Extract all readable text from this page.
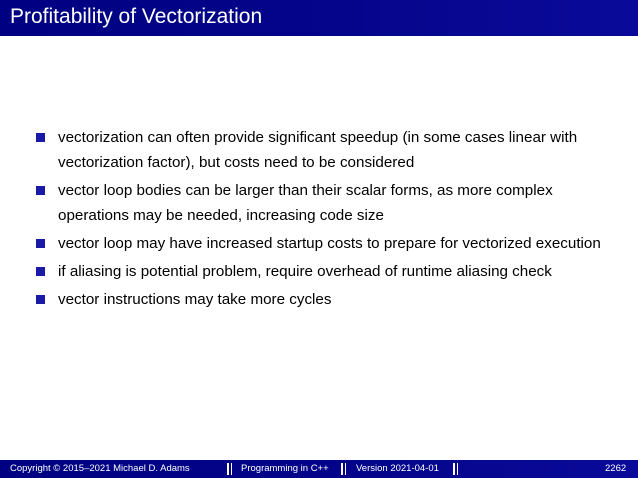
Profitability of Vectorization
vectorization can often provide significant speedup (in some cases linear with vectorization factor), but costs need to be considered
vector loop bodies can be larger than their scalar forms, as more complex operations may be needed, increasing code size
vector loop may have increased startup costs to prepare for vectorized execution
if aliasing is potential problem, require overhead of runtime aliasing check
vector instructions may take more cycles
Copyright © 2015–2021 Michael D. Adams	Programming in C++	Version 2021-04-01	2262
